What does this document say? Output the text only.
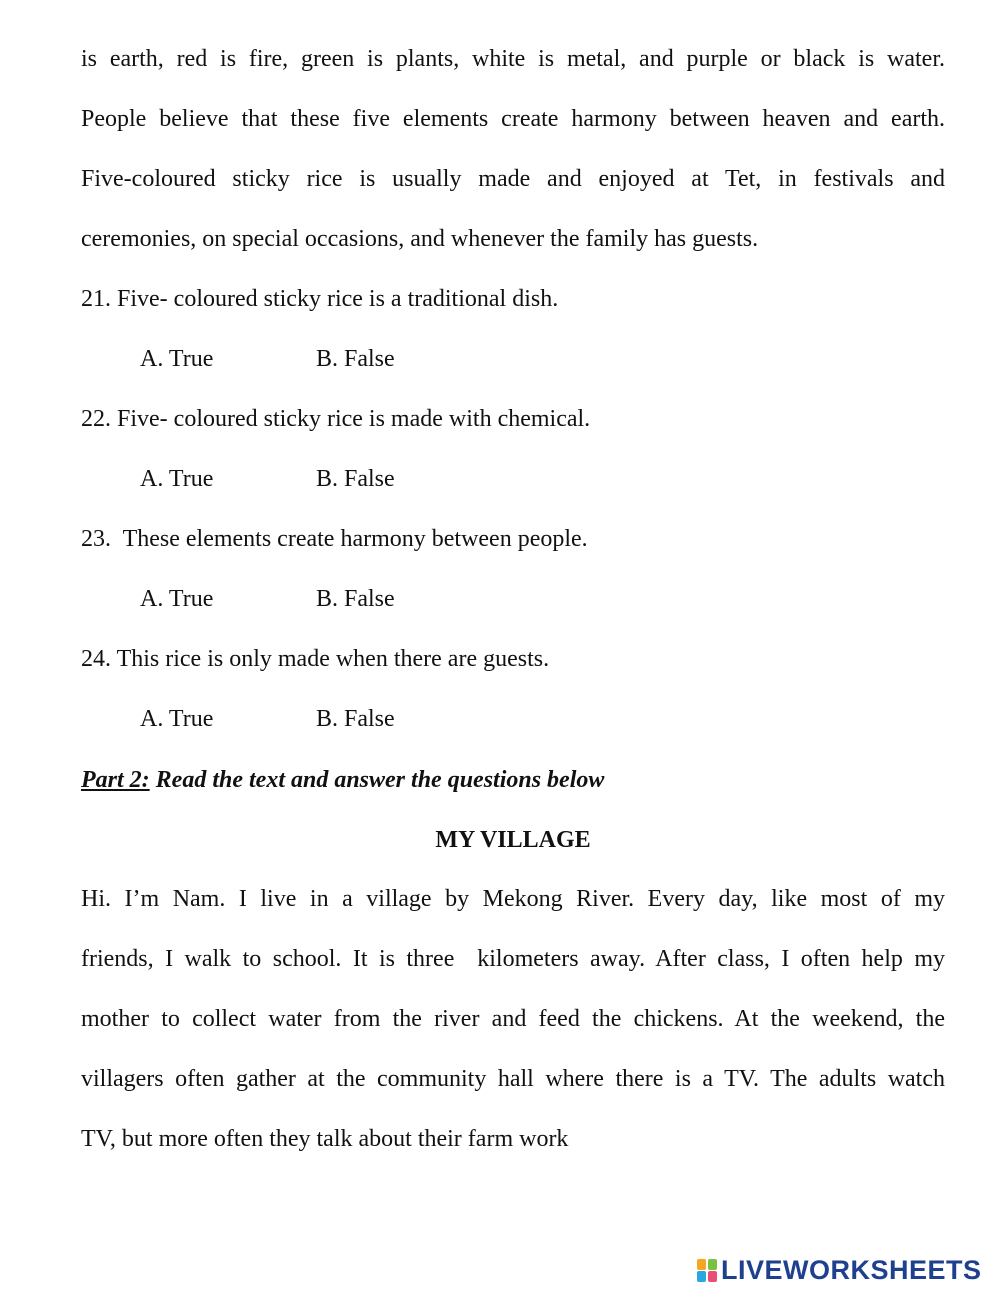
is earth, red is fire, green is plants, white is metal, and purple or black is water.
People believe that these five elements create harmony between heaven and earth.
Five-coloured sticky rice is usually made and enjoyed at Tet, in festivals and
ceremonies, on special occasions, and whenever the family has guests.
21. Five- coloured sticky rice is a traditional dish.
A. True	B. False
22. Five- coloured sticky rice is made with chemical.
A. True	B. False
23.  These elements create harmony between people.
A. True	B. False
24. This rice is only made when there are guests.
A. True	B. False
Part 2: Read the text and answer the questions below
MY VILLAGE
Hi. I’m Nam. I live in a village by Mekong River. Every day, like most of my
friends, I walk to school. It is three  kilometers away. After class, I often help my
mother to collect water from the river and feed the chickens. At the weekend, the
villagers often gather at the community hall where there is a TV. The adults watch
TV, but more often they talk about their farm work
LIVEWORKSHEETS
